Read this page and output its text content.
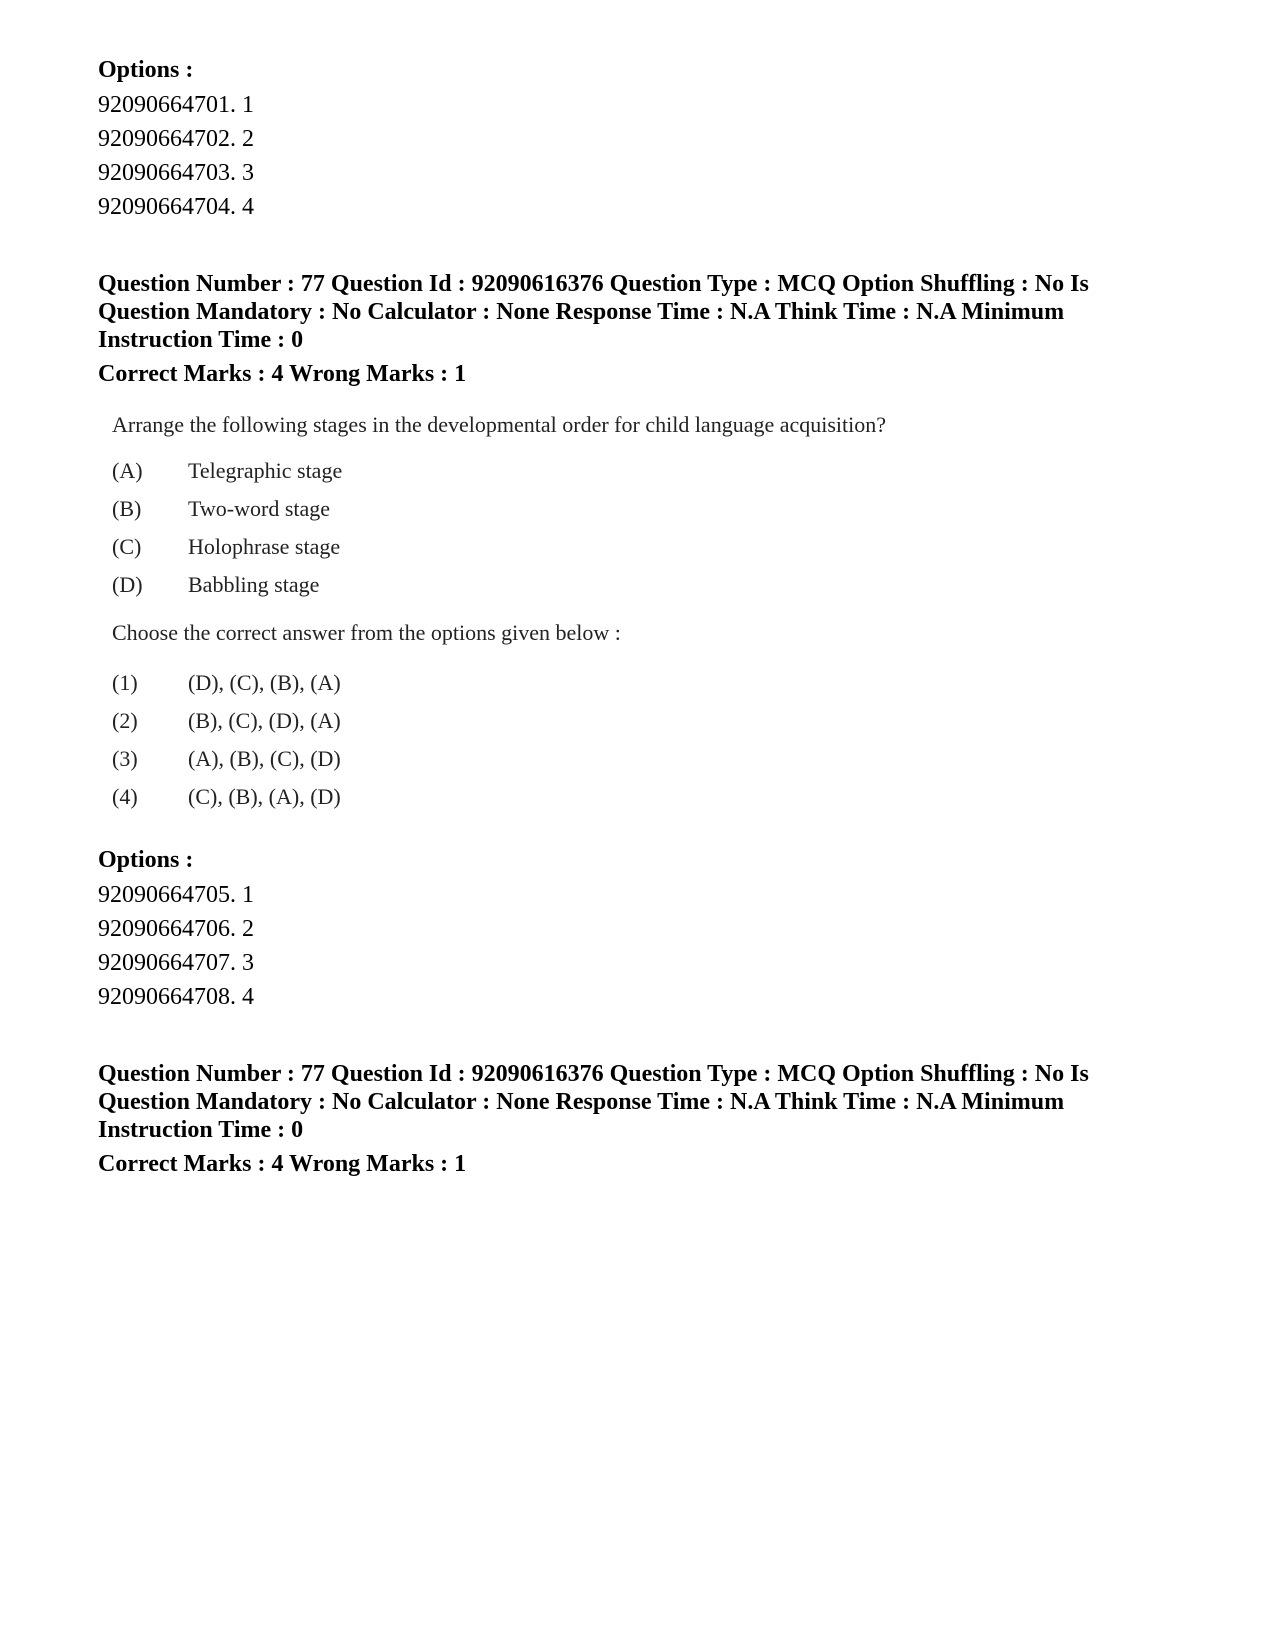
Options :

92090664701. 1
92090664702. 2
92090664703. 3
92090664704. 4

Question Number : 77 Question Id : 92090616376 Question Type : MCQ Option Shuffling : No Is Question Mandatory : No Calculator : None Response Time : N.A Think Time : N.A Minimum Instruction Time : 0

Correct Marks : 4 Wrong Marks : 1

Arrange the following stages in the developmental order for child language acquisition?

(A)	Telegraphic stage
(B)	Two-word stage
(C)	Holophrase stage
(D)	Babbling stage

Choose the correct answer from the options given below :

(1)	(D), (C), (B), (A)
(2)	(B), (C), (D), (A)
(3)	(A), (B), (C), (D)
(4)	(C), (B), (A), (D)

Options :

92090664705. 1
92090664706. 2
92090664707. 3
92090664708. 4

Question Number : 77 Question Id : 92090616376 Question Type : MCQ Option Shuffling : No Is Question Mandatory : No Calculator : None Response Time : N.A Think Time : N.A Minimum Instruction Time : 0

Correct Marks : 4 Wrong Marks : 1
